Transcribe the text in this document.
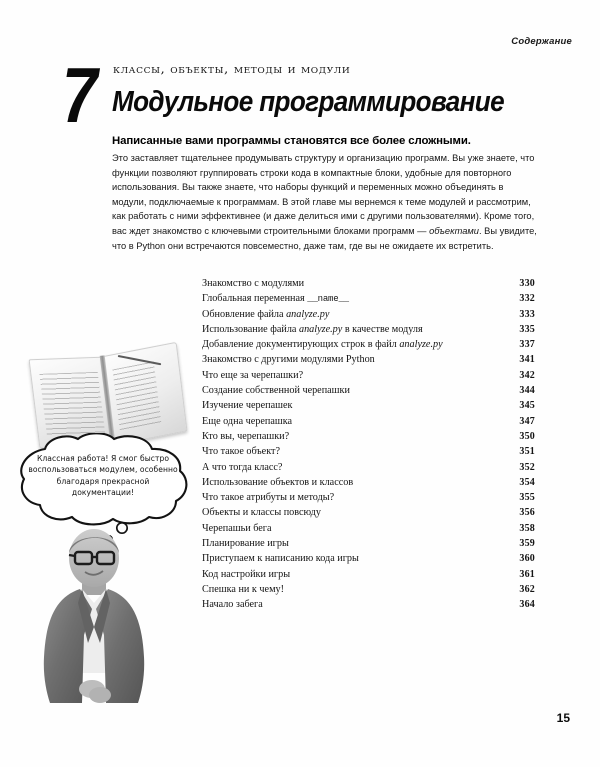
Содержание
классы, объекты, методы и модули
7 Модульное программирование
Написанные вами программы становятся все более сложными.
Это заставляет тщательнее продумывать структуру и организацию программ. Вы уже знаете, что функции позволяют группировать строки кода в компактные блоки, удобные для повторного использования. Вы также знаете, что наборы функций и переменных можно объединять в модули, подключаемые к программам. В этой главе мы вернемся к теме модулей и рассмотрим, как работать с ними эффективнее (и даже делиться ими с другими пользователями). Кроме того, вас ждет знакомство с ключевыми строительными блоками программ — объектами. Вы увидите, что в Python они встречаются повсеместно, даже там, где вы не ожидаете их встретить.
Знакомство с модулями	330
Глобальная переменная __name__	332
Обновление файла analyze.py	333
Использование файла analyze.py в качестве модуля	335
Добавление документирующих строк в файл analyze.py	337
Знакомство с другими модулями Python	341
Что еще за черепашки?	342
Создание собственной черепашки	344
Изучение черепашек	345
Еще одна черепашка	347
Кто вы, черепашки?	350
Что такое объект?	351
А что тогда класс?	352
Использование объектов и классов	354
Что такое атрибуты и методы?	355
Объекты и классы повсюду	356
Черепашьи бега	358
Планирование игры	359
Приступаем к написанию кода игры	360
Код настройки игры	361
Спешка ни к чему!	362
Начало забега	364
Классная работа! Я смог быстро воспользоваться модулем, особенно благодаря прекрасной документации!
15
